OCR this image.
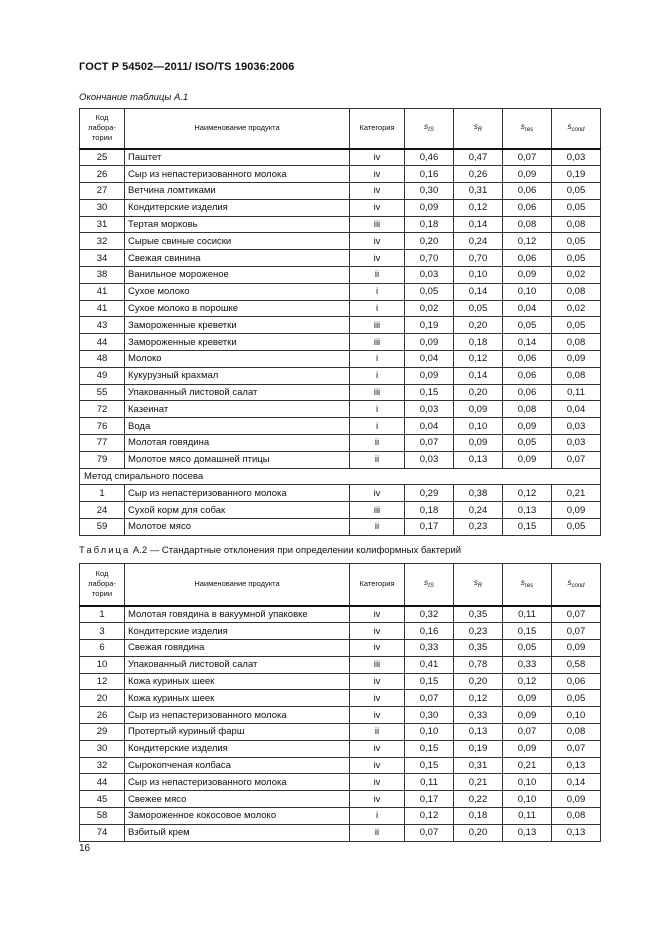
ГОСТ Р 54502—2011/ ISO/TS 19036:2006
Окончание таблицы А.1
Код лабора-тории	Наименование продукта	Категория	$s_{IS}$	$s_R$	$s_{res}$	$s_{cond}$
25	Паштет	iv	0,46	0,47	0,07	0,03
26	Сыр из непастеризованного молока	iv	0,16	0,26	0,09	0,19
27	Ветчина ломтиками	iv	0,30	0,31	0,06	0,05
30	Кондитерские изделия	iv	0,09	0,12	0,06	0,05
31	Тертая морковь	iii	0,18	0,14	0,08	0,08
32	Сырые свиные сосиски	iv	0,20	0,24	0,12	0,05
34	Свежая свинина	iv	0,70	0,70	0,06	0,05
38	Ванильное мороженое	ii	0,03	0,10	0,09	0,02
41	Сухое молоко	i	0,05	0,14	0,10	0,08
41	Сухое молоко в порошке	i	0,02	0,05	0,04	0,02
43	Замороженные креветки	iii	0,19	0,20	0,05	0,05
44	Замороженные креветки	iii	0,09	0,18	0,14	0,08
48	Молоко	i	0,04	0,12	0,06	0,09
49	Кукурузный крахмал	i	0,09	0,14	0,06	0,08
55	Упакованный листовой салат	iii	0,15	0,20	0,06	0,11
72	Казеинат	i	0,03	0,09	0,08	0,04
76	Вода	i	0,04	0,10	0,09	0,03
77	Молотая говядина	ii	0,07	0,09	0,05	0,03
79	Молотое мясо домашней птицы	ii	0,03	0,13	0,09	0,07
Метод спирального посева						
1	Сыр из непастеризованного молока	iv	0,29	0,38	0,12	0,21
24	Сухой корм для собак	iii	0,18	0,24	0,13	0,09
59	Молотое мясо	ii	0,17	0,23	0,15	0,05
Таблица А.2 — Стандартные отклонения при определении колиформных бактерий
Код лабора-тории	Наименование продукта	Категория	$s_{IS}$	$s_R$	$s_{res}$	$s_{cond}$
1	Молотая говядина в вакуумной упаковке	iv	0,32	0,35	0,11	0,07
3	Кондитерские изделия	iv	0,16	0,23	0,15	0,07
6	Свежая говядина	iv	0,33	0,35	0,05	0,09
10	Упакованный листовой салат	iii	0,41	0,78	0,33	0,58
12	Кожа куриных шеек	iv	0,15	0,20	0,12	0,06
20	Кожа куриных шеек	iv	0,07	0,12	0,09	0,05
26	Сыр из непастеризованного молока	iv	0,30	0,33	0,09	0,10
29	Протертый куриный фарш	ii	0,10	0,13	0,07	0,08
30	Кондитерские изделия	iv	0,15	0,19	0,09	0,07
32	Сырокопченая колбаса	iv	0,15	0,31	0,21	0,13
44	Сыр из непастеризованного молока	iv	0,11	0,21	0,10	0,14
45	Свежее мясо	iv	0,17	0,22	0,10	0,09
58	Замороженное кокосовое молоко	i	0,12	0,18	0,11	0,08
74	Взбитый крем	ii	0,07	0,20	0,13	0,13
16
